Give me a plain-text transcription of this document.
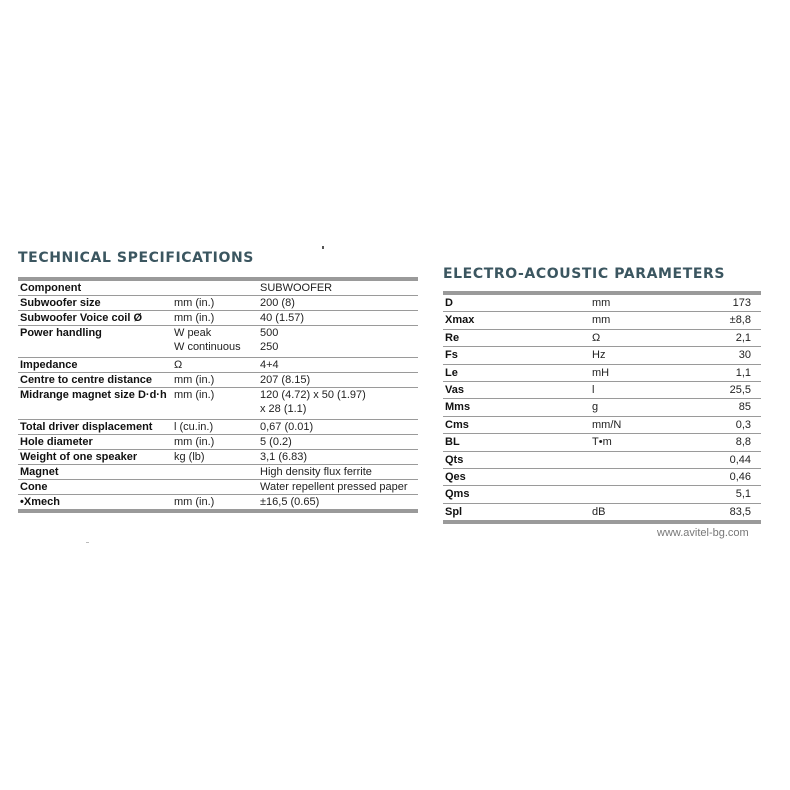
TECHNICAL SPECIFICATIONS
Component		SUBWOOFER
Subwoofer size	mm (in.)	200 (8)
Subwoofer Voice coil Ø	mm (in.)	40 (1.57)
Power handling	W peak	500
	W continuous	250
Impedance	Ω	4+4
Centre to centre distance	mm (in.)	207 (8.15)
Midrange magnet size D·d·h	mm (in.)	120 (4.72) x 50 (1.97)
		x 28 (1.1)
Total driver displacement	l (cu.in.)	0,67 (0.01)
Hole diameter	mm (in.)	5 (0.2)
Weight of one speaker	kg (lb)	3,1 (6.83)
Magnet		High density flux ferrite
Cone		Water repellent pressed paper
•Xmech	mm (in.)	±16,5 (0.65)
ELECTRO-ACOUSTIC PARAMETERS
D	mm	173
Xmax	mm	±8,8
Re	Ω	2,1
Fs	Hz	30
Le	mH	1,1
Vas	l	25,5
Mms	g	85
Cms	mm/N	0,3
BL	T•m	8,8
Qts		0,44
Qes		0,46
Qms		5,1
Spl	dB	83,5
www.avitel-bg.com
